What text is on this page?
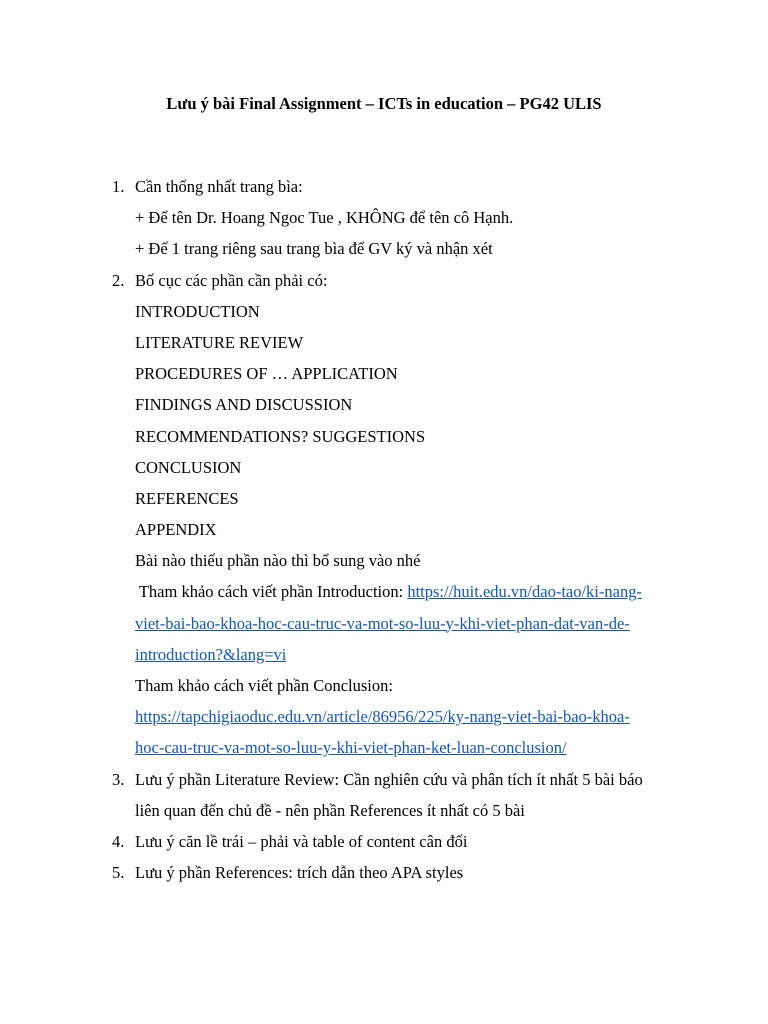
Lưu ý bài Final Assignment – ICTs in education – PG42 ULIS
1. Cần thống nhất trang bìa:
+ Để tên Dr. Hoang Ngoc Tue , KHÔNG để tên cô Hạnh.
+ Để 1 trang riêng sau trang bìa để GV ký và nhận xét
2. Bố cục các phần cần phải có:
INTRODUCTION
LITERATURE REVIEW
PROCEDURES OF … APPLICATION
FINDINGS AND DISCUSSION
RECOMMENDATIONS? SUGGESTIONS
CONCLUSION
REFERENCES
APPENDIX
Bài nào thiếu phần nào thì bổ sung vào nhé
Tham khảo cách viết phần Introduction: https://huit.edu.vn/dao-tao/ki-nang-
viet-bai-bao-khoa-hoc-cau-truc-va-mot-so-luu-y-khi-viet-phan-dat-van-de-
introduction?&lang=vi
Tham khảo cách viết phần Conclusion:
https://tapchigiaoduc.edu.vn/article/86956/225/ky-nang-viet-bai-bao-khoa-
hoc-cau-truc-va-mot-so-luu-y-khi-viet-phan-ket-luan-conclusion/
3. Lưu ý phần Literature Review: Cần nghiên cứu và phân tích ít nhất 5 bài báo
liên quan đến chủ đề - nên phần References ít nhất có 5 bài
4. Lưu ý căn lề trái – phải và table of content cân đối
5. Lưu ý phần References: trích dẫn theo APA styles
